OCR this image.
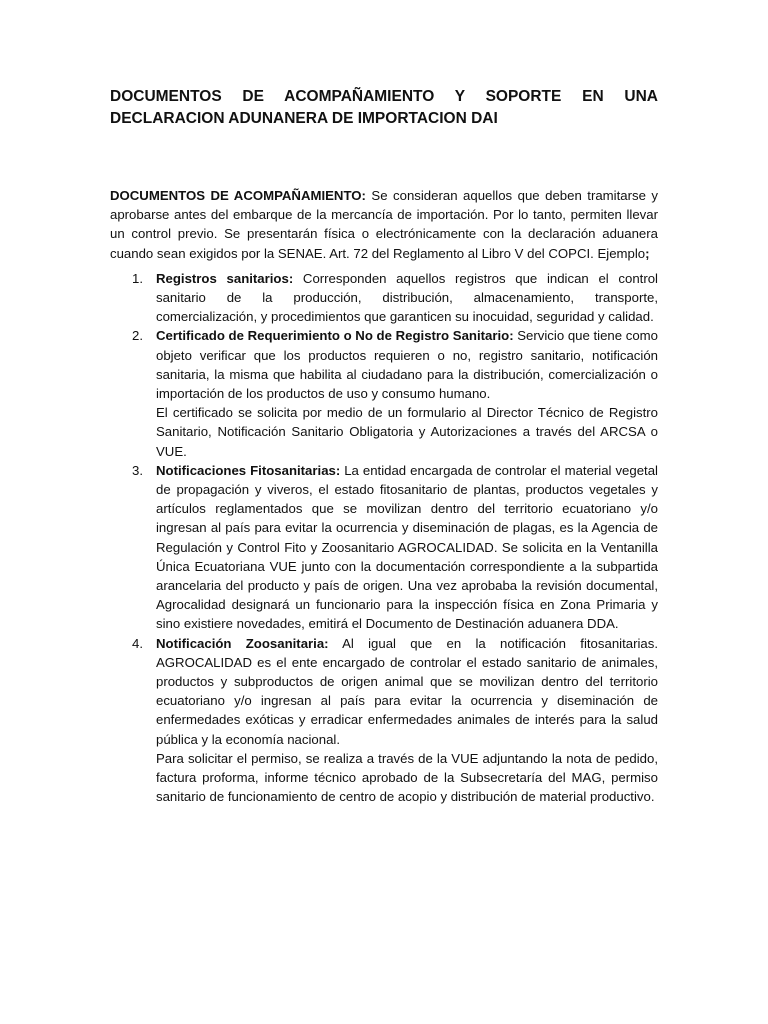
DOCUMENTOS DE ACOMPAÑAMIENTO Y SOPORTE EN UNA
DECLARACION ADUNANERA DE IMPORTACION DAI

DOCUMENTOS DE ACOMPAÑAMIENTO: Se consideran aquellos que deben tramitarse y aprobarse antes del embarque de la mercancía de importación. Por lo tanto, permiten llevar un control previo. Se presentarán física o electrónicamente con la declaración aduanera cuando sean exigidos por la SENAE. Art. 72 del Reglamento al Libro V del COPCI. Ejemplo;

1. Registros sanitarios: Corresponden aquellos registros que indican el control sanitario de la producción, distribución, almacenamiento, transporte, comercialización, y procedimientos que garanticen su inocuidad, seguridad y calidad.

2. Certificado de Requerimiento o No de Registro Sanitario: Servicio que tiene como objeto verificar que los productos requieren o no, registro sanitario, notificación sanitaria, la misma que habilita al ciudadano para la distribución, comercialización o importación de los productos de uso y consumo humano.

El certificado se solicita por medio de un formulario al Director Técnico de Registro Sanitario, Notificación Sanitario Obligatoria y Autorizaciones a través del ARCSA o VUE.

3. Notificaciones Fitosanitarias: La entidad encargada de controlar el material vegetal de propagación y viveros, el estado fitosanitario de plantas, productos vegetales y artículos reglamentados que se movilizan dentro del territorio ecuatoriano y/o ingresan al país para evitar la ocurrencia y diseminación de plagas, es la Agencia de Regulación y Control Fito y Zoosanitario AGROCALIDAD. Se solicita en la Ventanilla Única Ecuatoriana VUE junto con la documentación correspondiente a la subpartida arancelaria del producto y país de origen. Una vez aprobaba la revisión documental, Agrocalidad designará un funcionario para la inspección física en Zona Primaria y sino existiere novedades, emitirá el Documento de Destinación aduanera DDA.

4. Notificación Zoosanitaria: Al igual que en la notificación fitosanitarias. AGROCALIDAD es el ente encargado de controlar el estado sanitario de animales, productos y subproductos de origen animal que se movilizan dentro del territorio ecuatoriano y/o ingresan al país para evitar la ocurrencia y diseminación de enfermedades exóticas y erradicar enfermedades animales de interés para la salud pública y la economía nacional.

Para solicitar el permiso, se realiza a través de la VUE adjuntando la nota de pedido, factura proforma, informe técnico aprobado de la Subsecretaría del MAG, permiso sanitario de funcionamiento de centro de acopio y distribución de material productivo.
